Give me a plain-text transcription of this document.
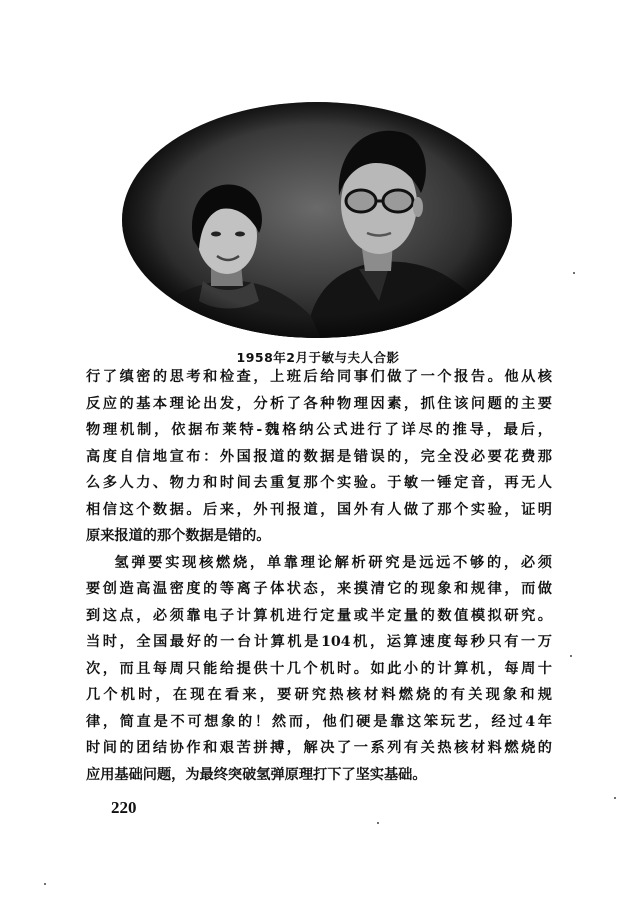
1958年2月于敏与夫人合影

行了缜密的思考和检查，上班后给同事们做了一个报告。他从核
反应的基本理论出发，分析了各种物理因素，抓住该问题的主要
物理机制，依据布莱特-魏格纳公式进行了详尽的推导，最后，
高度自信地宣布：外国报道的数据是错误的，完全没必要花费那
么多人力、物力和时间去重复那个实验。于敏一锤定音，再无人
相信这个数据。后来，外刊报道，国外有人做了那个实验，证明
原来报道的那个数据是错的。

氢弹要实现核燃烧，单靠理论解析研究是远远不够的，必须
要创造高温密度的等离子体状态，来摸清它的现象和规律，而做
到这点，必须靠电子计算机进行定量或半定量的数值模拟研究。
当时，全国最好的一台计算机是104机，运算速度每秒只有一万
次，而且每周只能给提供十几个机时。如此小的计算机，每周十
几个机时，在现在看来，要研究热核材料燃烧的有关现象和规
律，简直是不可想象的！然而，他们硬是靠这笨玩艺，经过4年
时间的团结协作和艰苦拼搏，解决了一系列有关热核材料燃烧的
应用基础问题，为最终突破氢弹原理打下了坚实基础。

220
